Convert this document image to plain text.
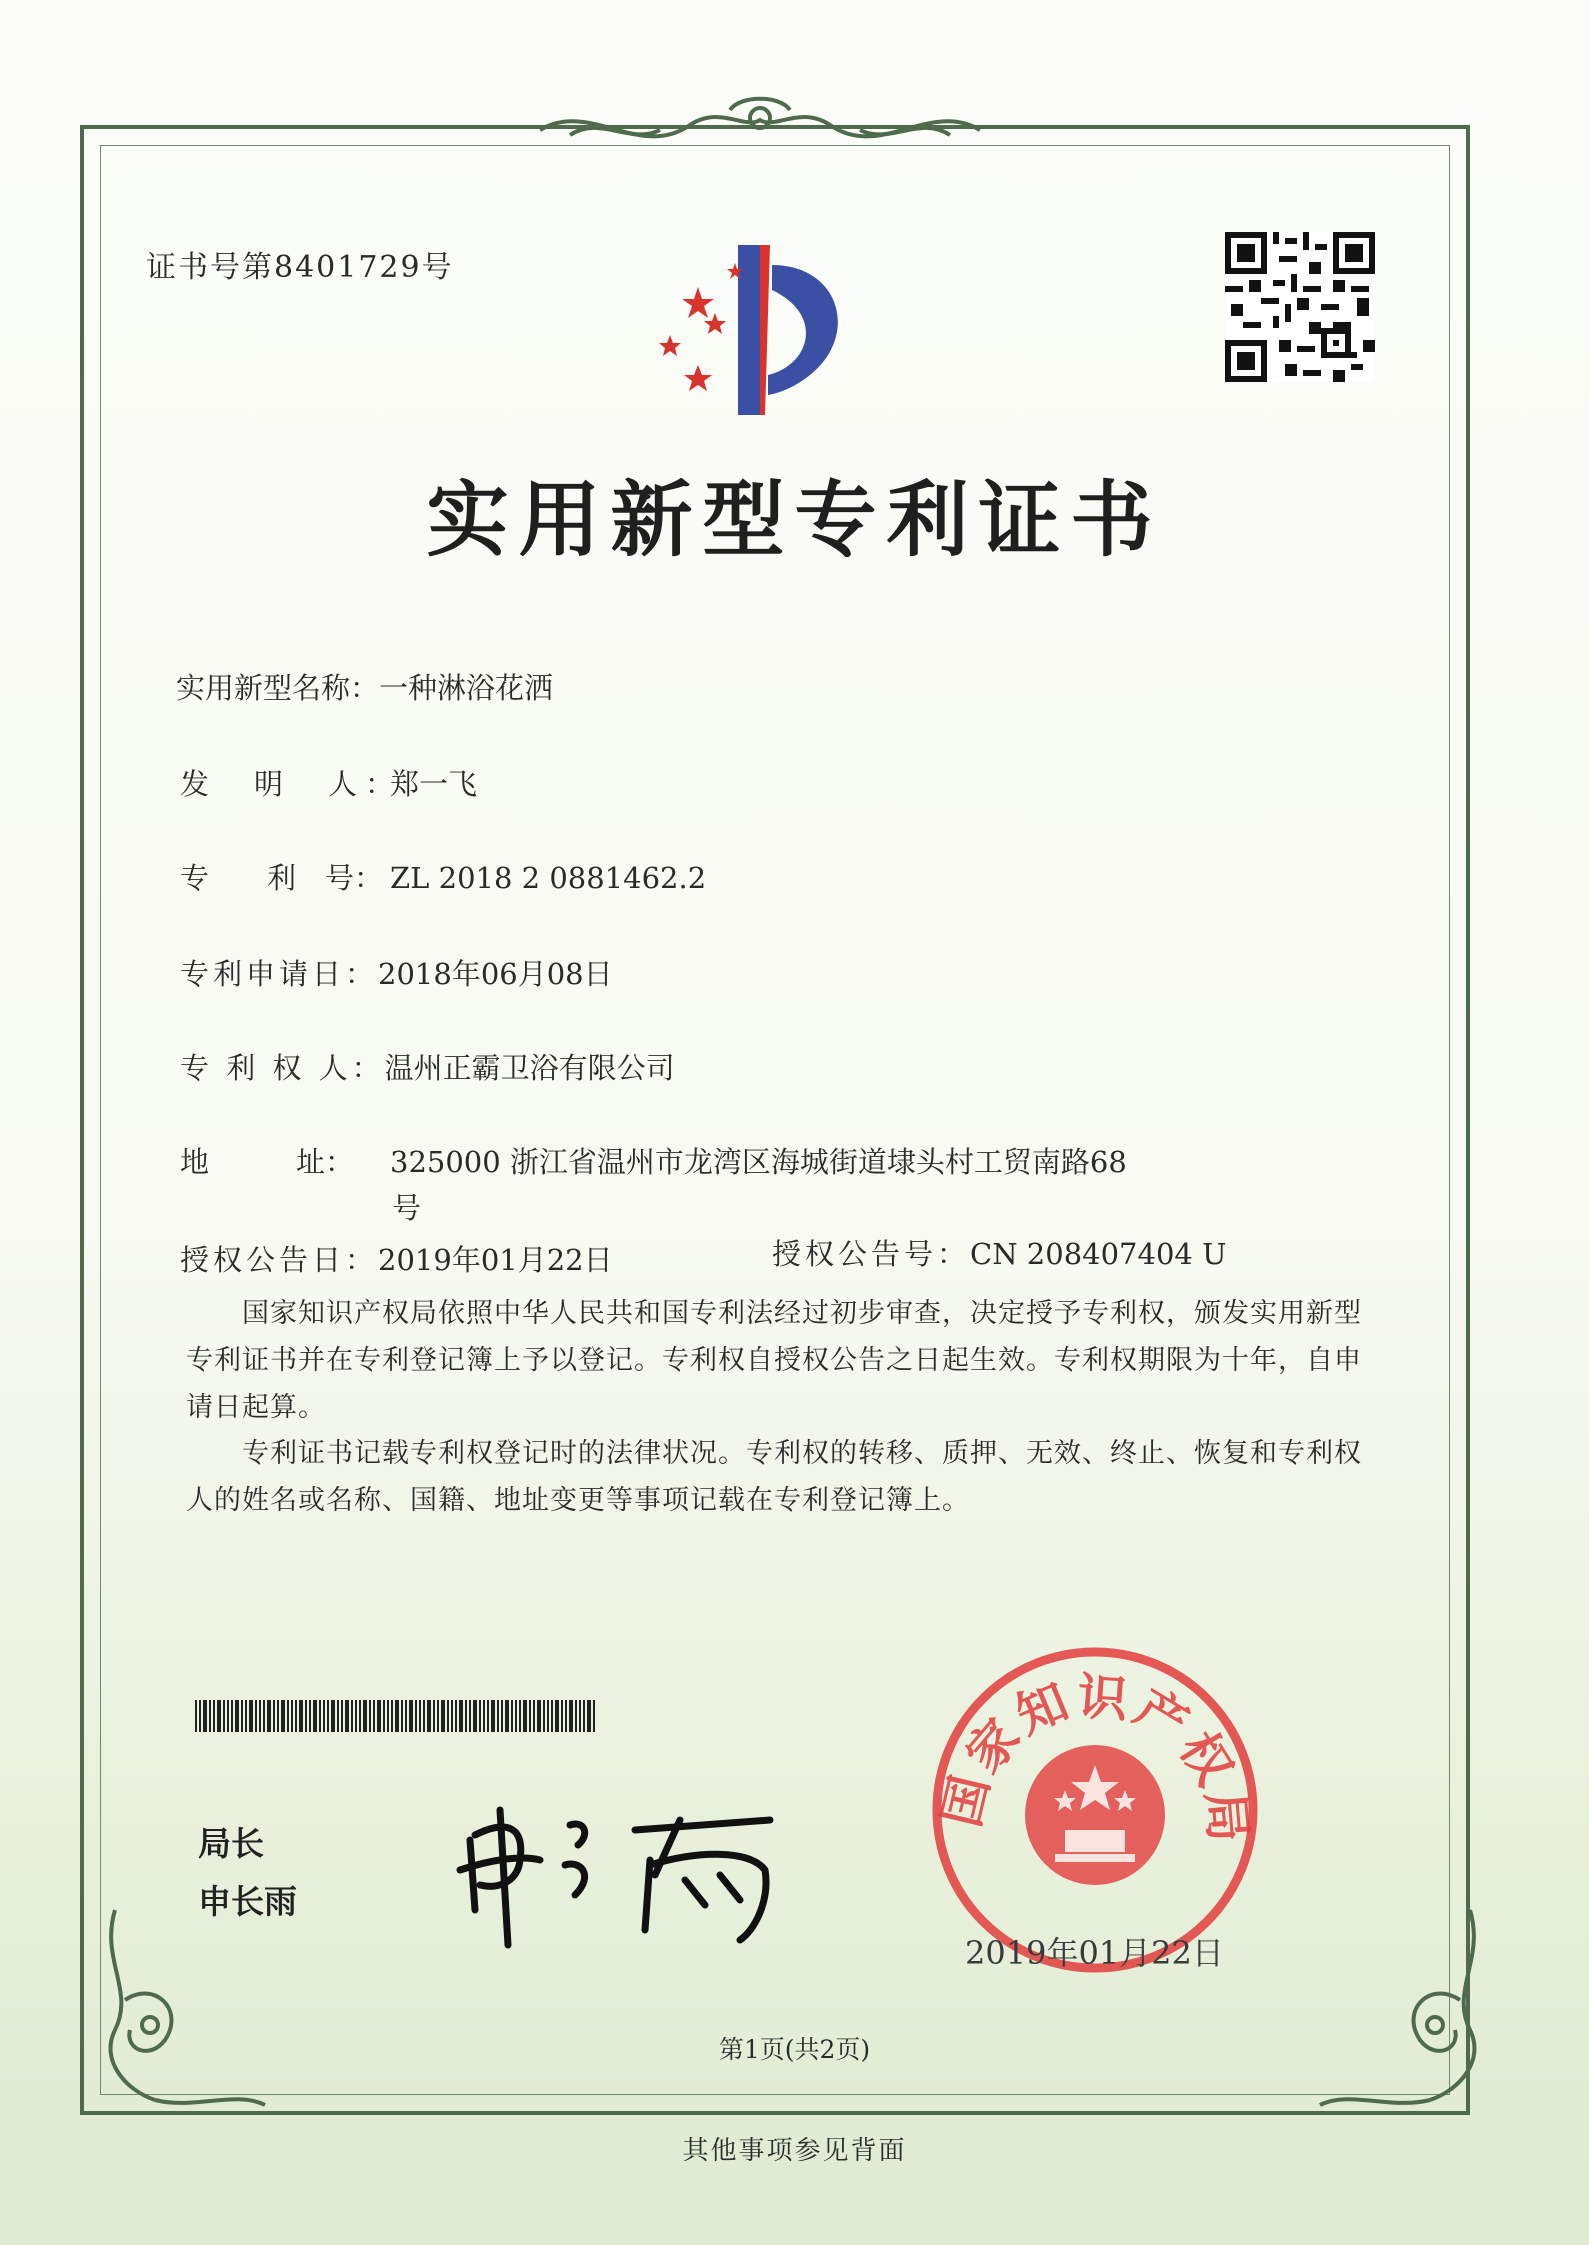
证书号第8401729号
实用新型专利证书
实用新型名称：一种淋浴花洒
发　明　人：郑一飞
专　　利　号： ZL 2018 2 0881462.2
专利申请日：2018年06月08日
专 利 权 人：温州正霸卫浴有限公司
地　　　址： 325000 浙江省温州市龙湾区海城街道埭头村工贸南路68
号
授权公告日：2019年01月22日	授权公告号：CN 208407404 U
国家知识产权局依照中华人民共和国专利法经过初步审查，决定授予专利权，颁发实用新型专利证书并在专利登记簿上予以登记。专利权自授权公告之日起生效。专利权期限为十年，自申请日起算。
专利证书记载专利权登记时的法律状况。专利权的转移、质押、无效、终止、恢复和专利权人的姓名或名称、国籍、地址变更等事项记载在专利登记簿上。
局长
申长雨
国家知识产权局
2019年01月22日
第1页(共2页)
其他事项参见背面
